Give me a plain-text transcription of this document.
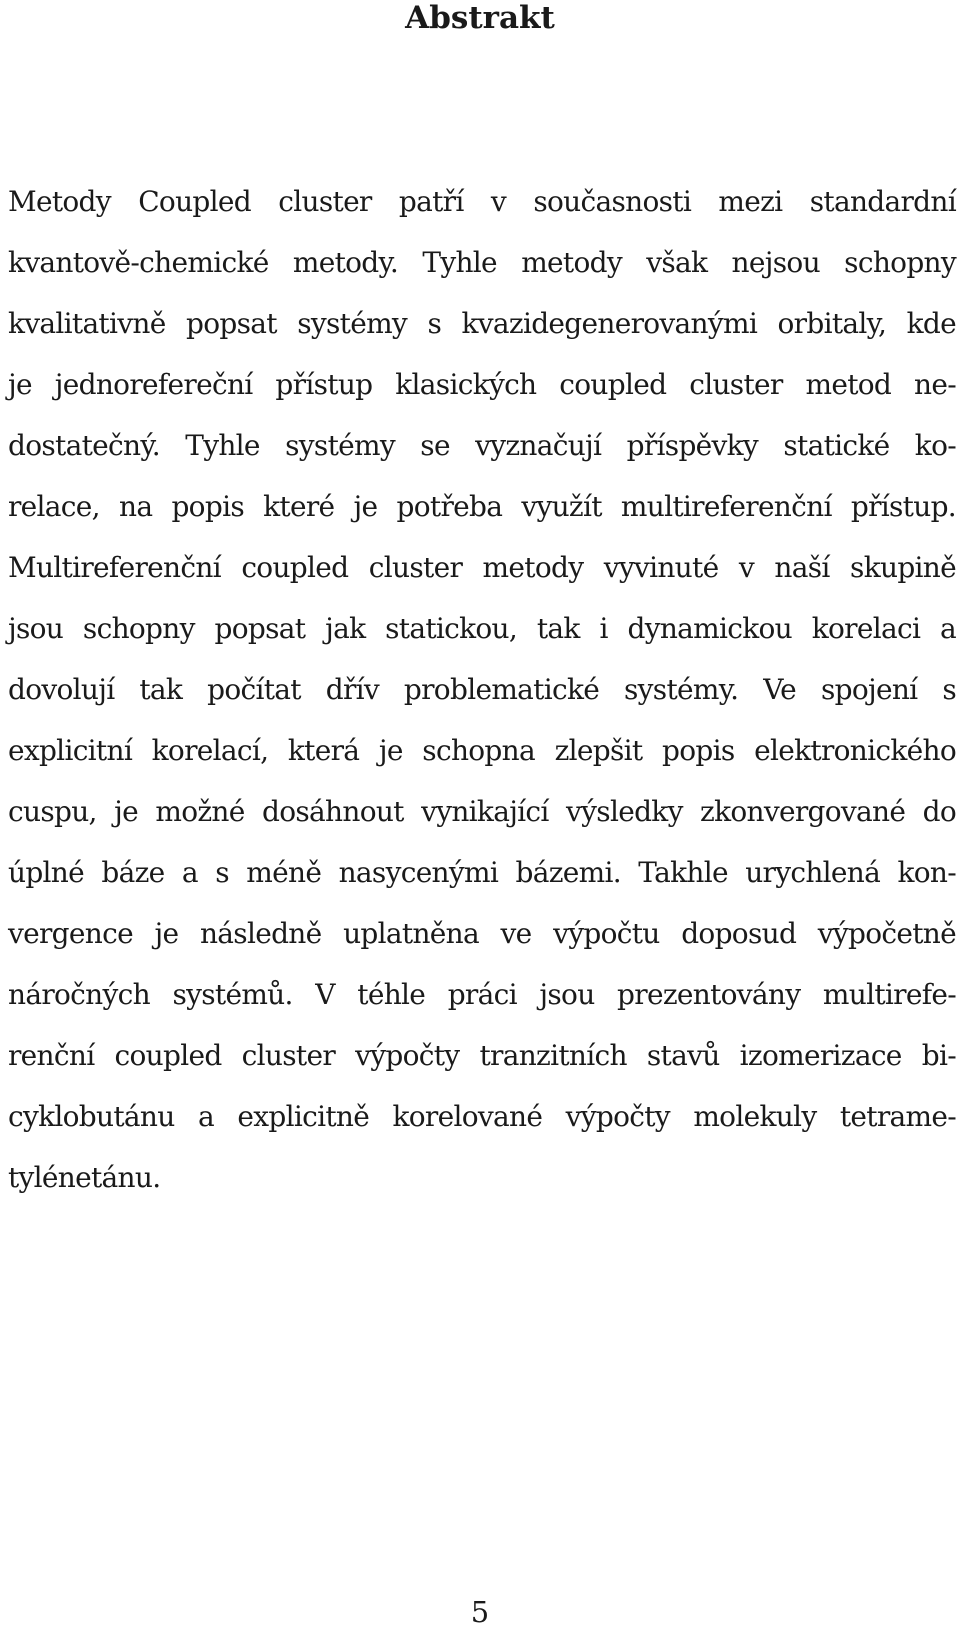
Abstrakt
Metody Coupled cluster patří v současnosti mezi standardní
kvantově-chemické metody. Tyhle metody však nejsou schopny
kvalitativně popsat systémy s kvazidegenerovanými orbitaly, kde
je jednorefereční přístup klasických coupled cluster metod ne-
dostatečný. Tyhle systémy se vyznačují příspěvky statické ko-
relace, na popis které je potřeba využít multireferenční přístup.
Multireferenční coupled cluster metody vyvinuté v naší skupině
jsou schopny popsat jak statickou, tak i dynamickou korelaci a
dovolují tak počítat dřív problematické systémy. Ve spojení s
explicitní korelací, která je schopna zlepšit popis elektronického
cuspu, je možné dosáhnout vynikající výsledky zkonvergované do
úplné báze a s méně nasycenými bázemi. Takhle urychlená kon-
vergence je následně uplatněna ve výpočtu doposud výpočetně
náročných systémů. V téhle práci jsou prezentovány multirefe-
renční coupled cluster výpočty tranzitních stavů izomerizace bi-
cyklobutánu a explicitně korelované výpočty molekuly tetrame-
tylénetánu.
5
